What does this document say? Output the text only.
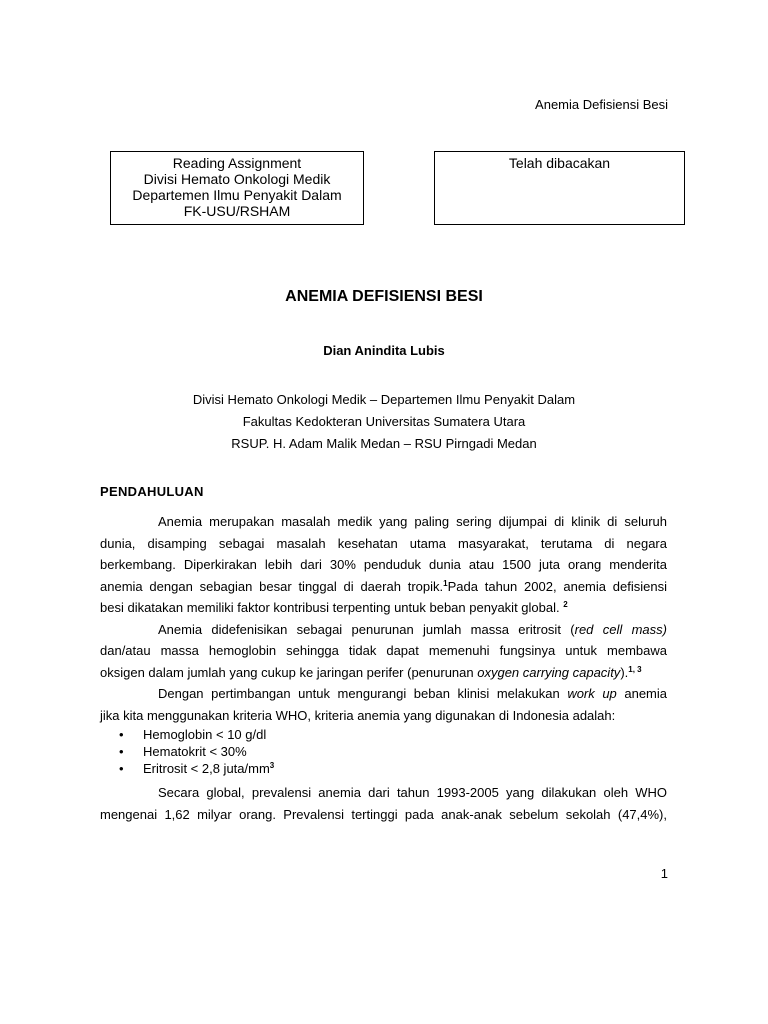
Anemia Defisiensi Besi
Reading Assignment
Divisi Hemato Onkologi Medik
Departemen Ilmu Penyakit Dalam
FK-USU/RSHAM
Telah dibacakan
ANEMIA DEFISIENSI BESI
Dian Anindita Lubis
Divisi Hemato Onkologi Medik – Departemen Ilmu Penyakit Dalam
Fakultas Kedokteran Universitas Sumatera Utara
RSUP. H. Adam Malik Medan – RSU Pirngadi Medan
PENDAHULUAN

Anemia merupakan masalah medik yang paling sering dijumpai di klinik di seluruh

dunia, disamping sebagai masalah kesehatan utama masyarakat, terutama di negara

berkembang. Diperkirakan lebih dari 30% penduduk dunia atau 1500 juta orang menderita

anemia dengan sebagian besar tinggal di daerah tropik.$^1$Pada tahun 2002, anemia defisiensi

besi dikatakan memiliki faktor kontribusi terpenting untuk beban penyakit global. $^2$

Anemia didefenisikan sebagai penurunan jumlah massa eritrosit (red cell mass)

dan/atau massa hemoglobin sehingga tidak dapat memenuhi fungsinya untuk membawa

oksigen dalam jumlah yang cukup ke jaringan perifer (penurunan oxygen carrying capacity).$^{1, 3}$

Dengan pertimbangan untuk mengurangi beban klinisi melakukan work up anemia

jika kita menggunakan kriteria WHO, kriteria anemia yang digunakan di Indonesia adalah:

• Hemoglobin < 10 g/dl
• Hematokrit < 30%
• Eritrosit < 2,8 juta/$mm^3$

Secara global, prevalensi anemia dari tahun 1993-2005 yang dilakukan oleh WHO

mengenai 1,62 milyar orang. Prevalensi tertinggi pada anak-anak sebelum sekolah (47,4%),

1
